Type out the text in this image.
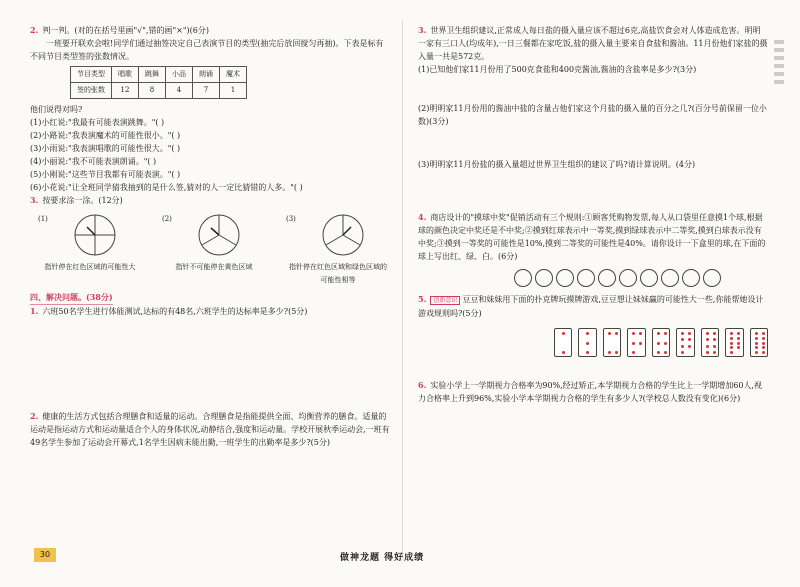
2. 判一判。(对的在括号里画"√",错的画"×")(6分)

一班要开联欢会啦!同学们通过抽签决定自己表演节目的类型(抽完后放回搅匀再抽)。下表是标有不同节目类型签的张数情况。

节目类型	唱歌	跳舞	小品	朗诵	魔术
签的张数	12	8	4	7	1

他们说得对吗?

(1)小红说:"我最有可能表演跳舞。"( )

(2)小路说:"我表演魔术的可能性很小。"( )

(3)小雨说:"我表演唱歌的可能性很大。"( )

(4)小丽说:"我不可能表演朗诵。"( )

(5)小刚说:"这些节目我都有可能表演。"( )

(6)小花说:"让全班同学猜我抽到的是什么签,猜对的人一定比猜错的人多。"( )

3. 按要求涂一涂。(12分)

(1)
指针停在红色区域的可能性大
(2)
指针不可能停在黄色区域
(3)
指针停在红色区域和绿色区域的可能性相等
四、解决问题。(38分)

1. 六班50名学生进行体能测试,达标的有48名,六班学生的达标率是多少?(5分)

2. 健康的生活方式包括合理膳食和适量的运动。合理膳食是指能提供全面、均衡营养的膳食。适量的运动是指运动方式和运动量适合个人的身体状况,动静结合,强度和运动量。学校开展秋季运动会,一班有49名学生参加了运动会开幕式,1名学生因病未能出勤,一班学生的出勤率是多少?(5分)

3. 世界卫生组织建议,正常成人每日盐的摄入量应该不超过6克,高盐饮食会对人体造成危害。明明一家有三口人(均成年),一日三餐都在家吃饭,盐的摄入量主要来自食盐和酱油。11月份他们家盐的摄入量一共是572克。

(1)已知他们家11月份用了500克食盐和400克酱油,酱油的含盐率是多少?(3分)

(2)明明家11月份用的酱油中盐的含量占他们家这个月盐的摄入量的百分之几?(百分号前保留一位小数)(3分)

(3)明明家11月份盐的摄入量超过世界卫生组织的建议了吗?请计算说明。(4分)

4. 商店设计的"摸球中奖"促销活动有三个规则:①顾客凭购物发票,每人从口袋里任意摸1个球,根据球的颜色决定中奖还是不中奖;②摸到红球表示中一等奖,摸到绿球表示中二等奖,摸到白球表示没有中奖;③摸到一等奖的可能性是10%,摸到二等奖的可能性是40%。请你设计一下盒里的球,在下面的球上写出红、绿、白。(6分)

5. 创新意识 豆豆和妹妹用下面的扑克牌玩摸牌游戏,豆豆想让妹妹赢的可能性大一些,你能帮她设计游戏规则吗?(5分)

6. 实验小学上一学期视力合格率为90%,经过矫正,本学期视力合格的学生比上一学期增加60人,视力合格率上升到96%,实验小学本学期视力合格的学生有多少人?(学校总人数没有变化)(6分)

30	做神龙题 得好成绩
